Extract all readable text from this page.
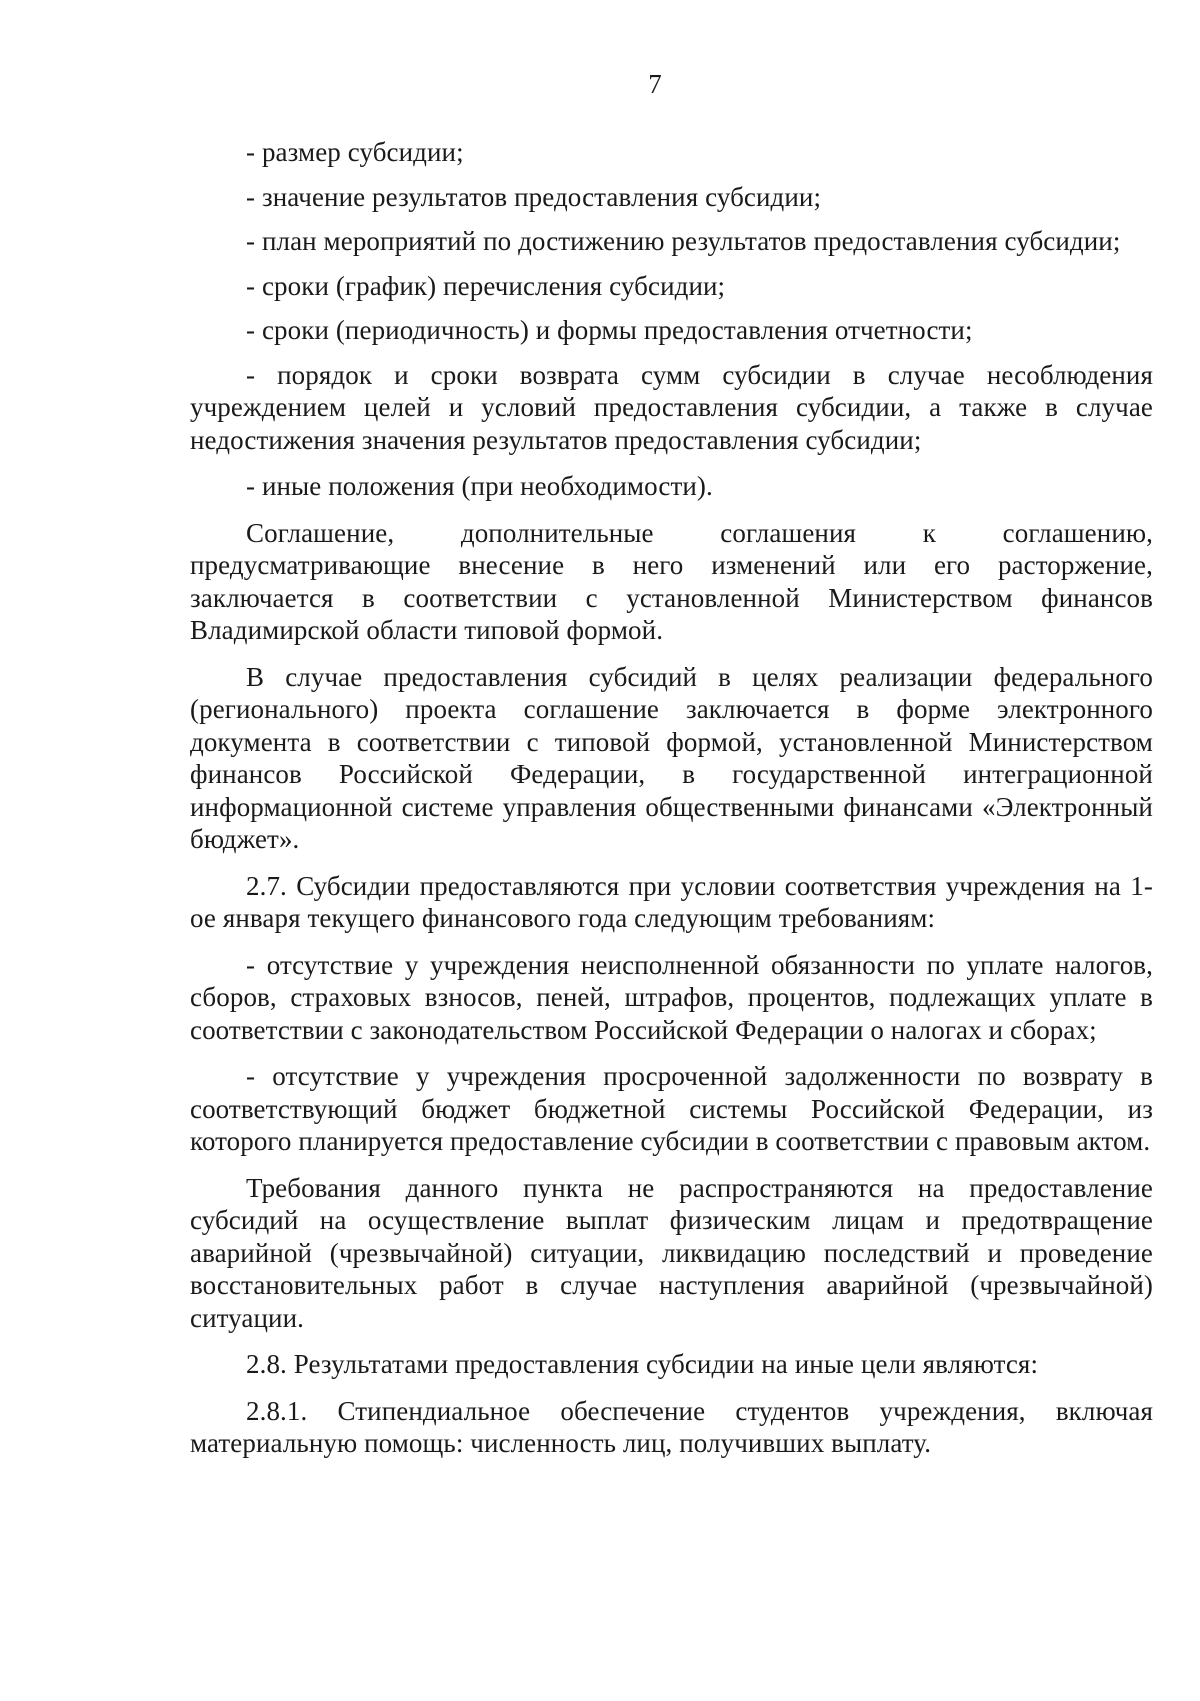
7

- размер субсидии;

- значение результатов предоставления субсидии;

- план мероприятий по достижению результатов предоставления субсидии;

- сроки (график) перечисления субсидии;

- сроки (периодичность) и формы предоставления отчетности;

- порядок и сроки возврата сумм субсидии в случае несоблюдения учреждением целей и условий предоставления субсидии, а также в случае недостижения значения результатов предоставления субсидии;

- иные положения (при необходимости).

Соглашение, дополнительные соглашения к соглашению, предусматривающие внесение в него изменений или его расторжение, заключается в соответствии с установленной Министерством финансов Владимирской области типовой формой.

В случае предоставления субсидий в целях реализации федерального (регионального) проекта соглашение заключается в форме электронного документа в соответствии с типовой формой, установленной Министерством финансов Российской Федерации, в государственной интеграционной информационной системе управления общественными финансами «Электронный бюджет».

2.7. Субсидии предоставляются при условии соответствия учреждения на 1-ое января текущего финансового года следующим требованиям:

- отсутствие у учреждения неисполненной обязанности по уплате налогов, сборов, страховых взносов, пеней, штрафов, процентов, подлежащих уплате в соответствии с законодательством Российской Федерации о налогах и сборах;

- отсутствие у учреждения просроченной задолженности по возврату в соответствующий бюджет бюджетной системы Российской Федерации, из которого планируется предоставление субсидии в соответствии с правовым актом.

Требования данного пункта не распространяются на предоставление субсидий на осуществление выплат физическим лицам и предотвращение аварийной (чрезвычайной) ситуации, ликвидацию последствий и проведение восстановительных работ в случае наступления аварийной (чрезвычайной) ситуации.

2.8. Результатами предоставления субсидии на иные цели являются:

2.8.1. Стипендиальное обеспечение студентов учреждения, включая материальную помощь: численность лиц, получивших выплату.
